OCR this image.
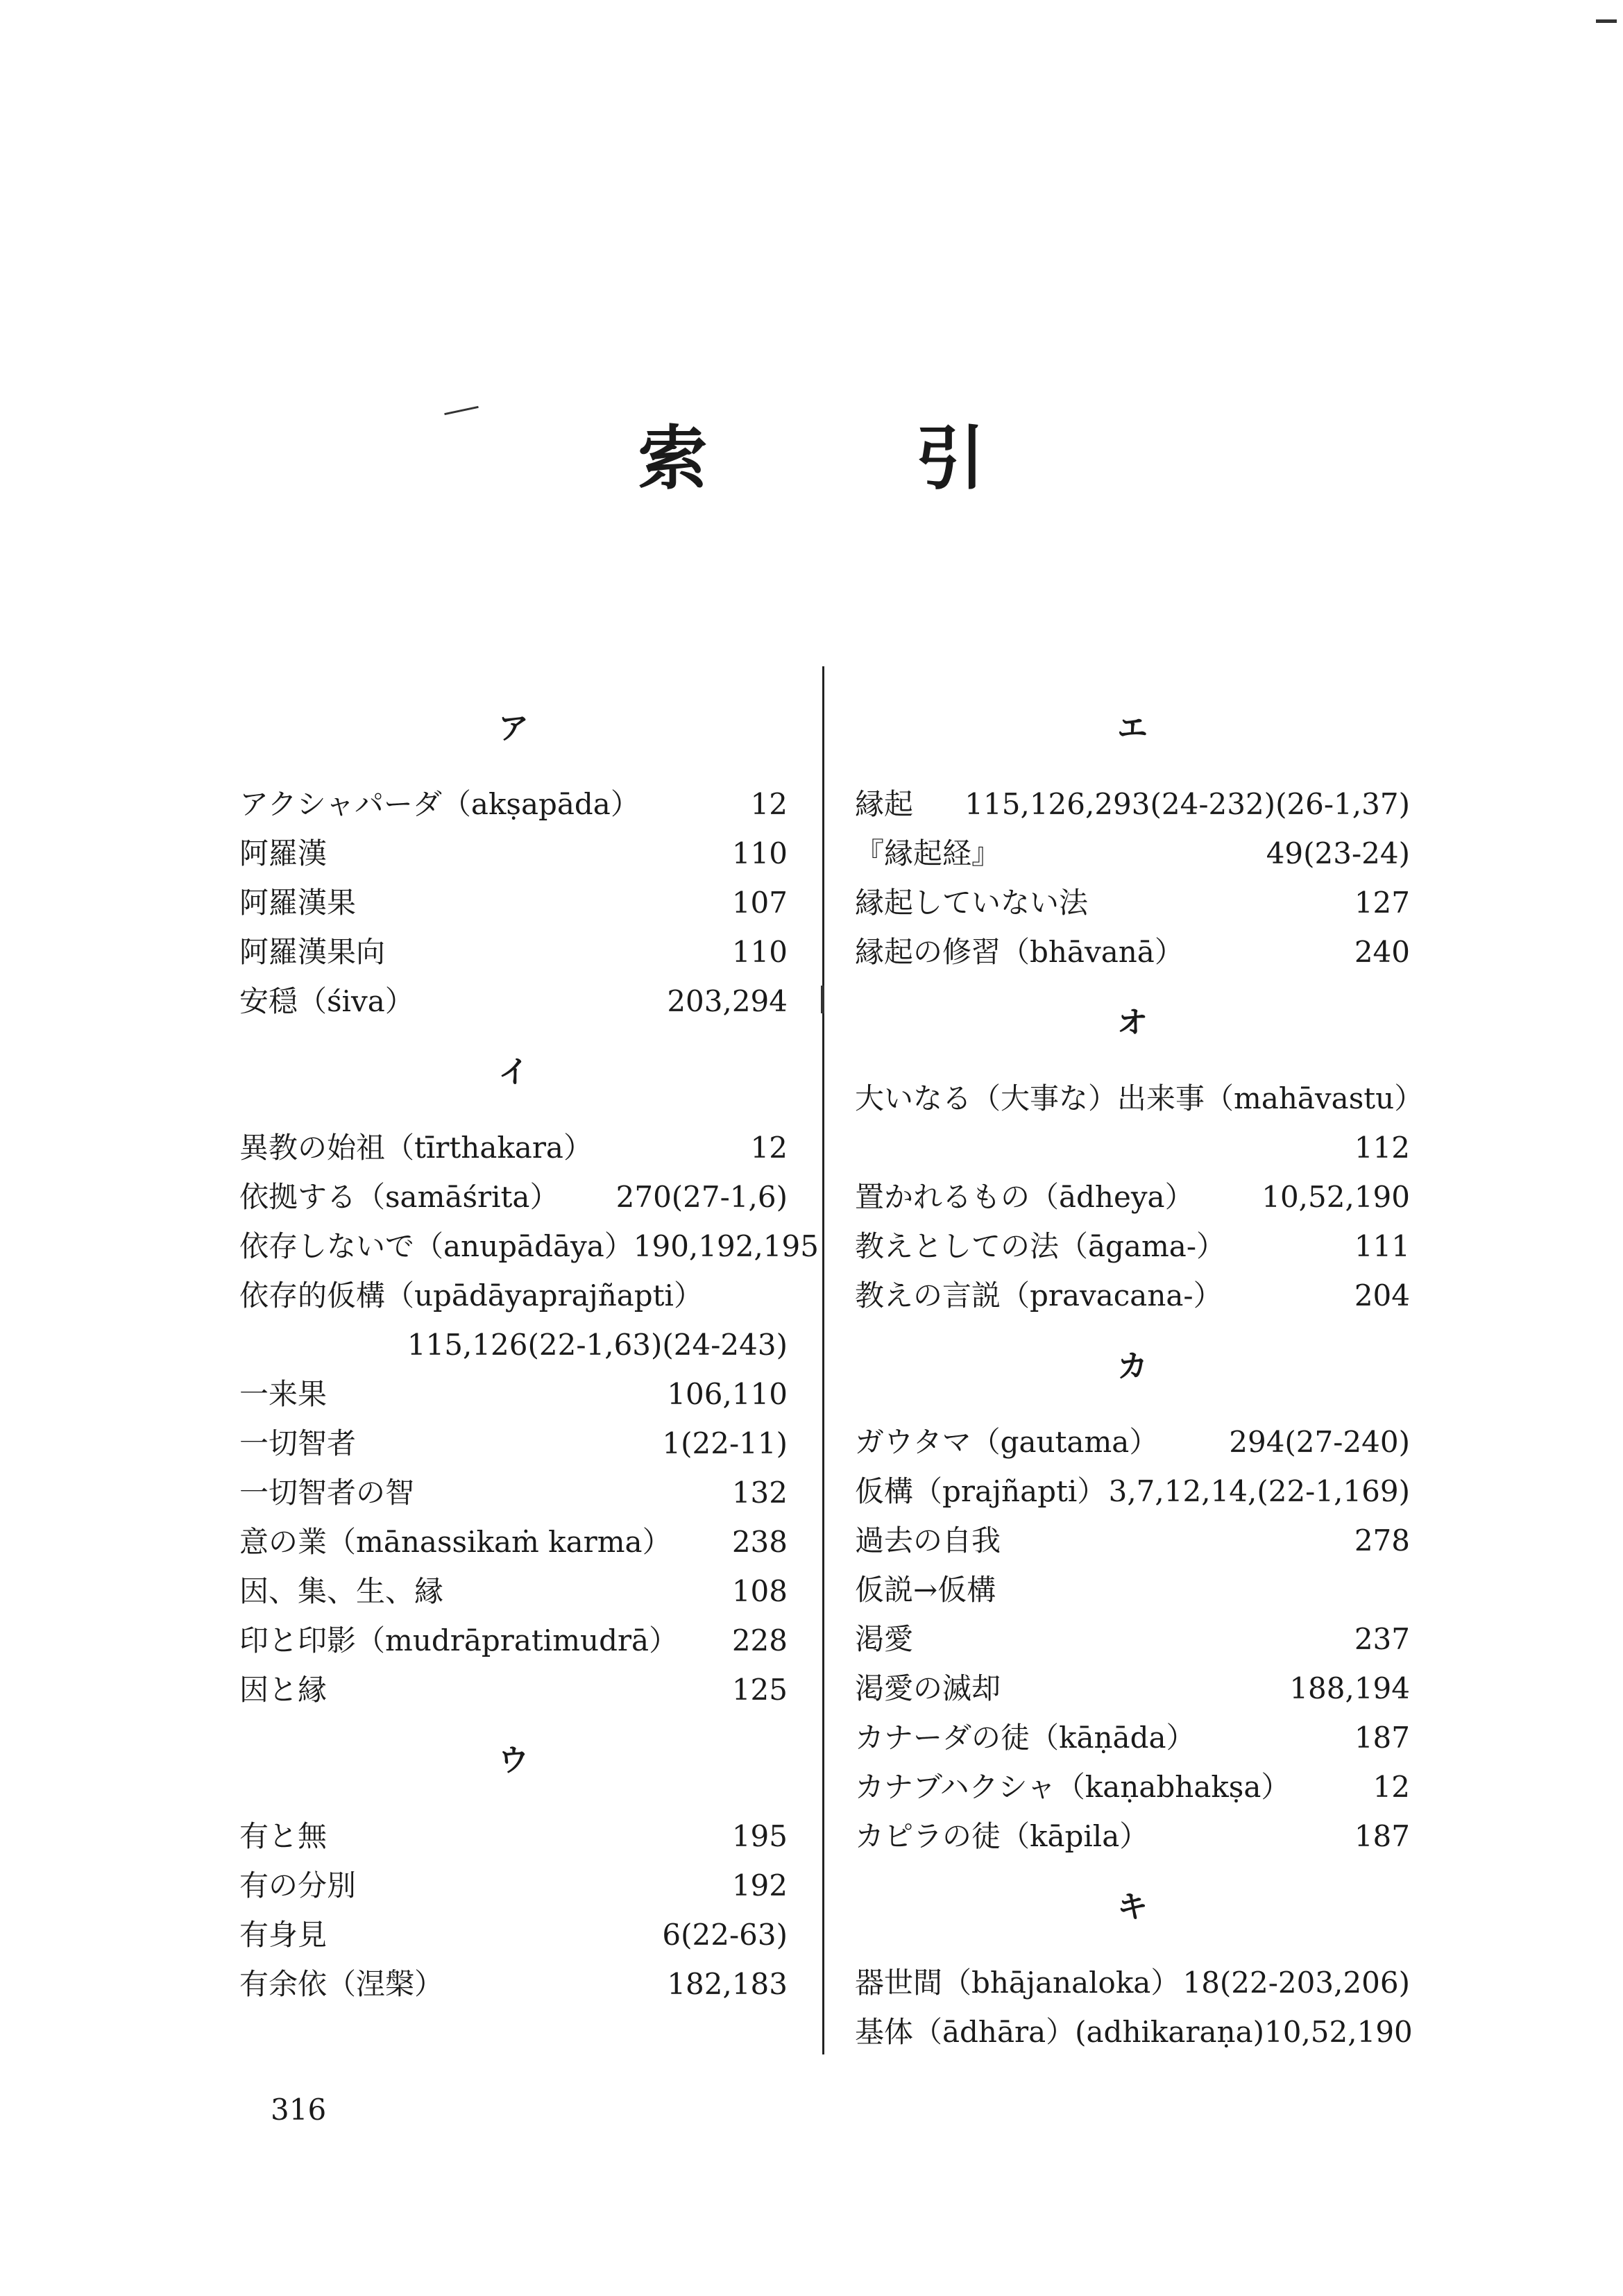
索引
ア
アクシャパーダ（akṣapāda）	12
阿羅漢	110
阿羅漢果	107
阿羅漢果向	110
安穏（śiva）	203,294
イ
異教の始祖（tīrthakara）	12
依拠する（samāśrita） 270(27-1,6)
依存しないで（anupādāya） 190,192,195
依存的仮構（upādāyaprajñapti）
115,126(22-1,63)(24-243)
一来果	106,110
一切智者	1(22-11)
一切智者の智	132
意の業（mānassikaṁ karma） 238
因、集、生、縁	108
印と印影（mudrāpratimudrā） 228
因と縁	125
ウ
有と無	195
有の分別	192
有身見	6(22-63)
有余依（涅槃）	182,183
エ
縁起 115,126,293(24-232)(26-1,37)
『縁起経』	49(23-24)
縁起していない法	127
縁起の修習（bhāvanā）	240
オ
大いなる（大事な）出来事（mahāvastu）
112
置かれるもの（ādheya） 10,52,190
教えとしての法（āgama-）	111
教えの言説（pravacana-）	204
カ
ガウタマ（gautama） 294(27-240)
仮構（prajñapti） 3,7,12,14,(22-1,169)
過去の自我	278
仮説→仮構
渇愛	237
渇愛の滅却	188,194
カナーダの徒（kāṇāda）	187
カナブハクシャ（kaṇabhakṣa）	12
カピラの徒（kāpila）	187
キ
器世間（bhājanaloka） 18(22-203,206)
基体（ādhāra）(adhikaraṇa) 10,52,190
316
